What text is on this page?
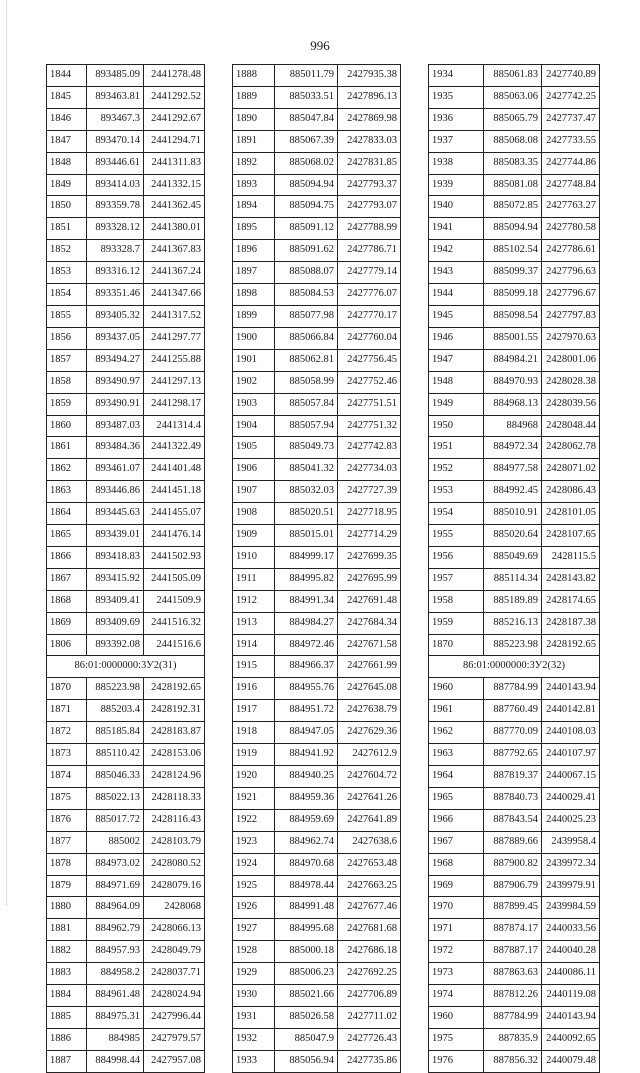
996
1844	893485.09	2441278.48
1845	893463.81	2441292.52
1846	893467.3	2441292.67
1847	893470.14	2441294.71
1848	893446.61	2441311.83
1849	893414.03	2441332.15
1850	893359.78	2441362.45
1851	893328.12	2441380.01
1852	893328.7	2441367.83
1853	893316.12	2441367.24
1854	893351.46	2441347.66
1855	893405.32	2441317.52
1856	893437.05	2441297.77
1857	893494.27	2441255.88
1858	893490.97	2441297.13
1859	893490.91	2441298.17
1860	893487.03	2441314.4
1861	893484.36	2441322.49
1862	893461.07	2441401.48
1863	893446.86	2441451.18
1864	893445.63	2441455.07
1865	893439.01	2441476.14
1866	893418.83	2441502.93
1867	893415.92	2441505.09
1868	893409.41	2441509.9
1869	893409.69	2441516.32
1806	893392.08	2441516.6
86:01:0000000:3У2(31)		
1870	885223.98	2428192.65
1871	885203.4	2428192.31
1872	885185.84	2428183.87
1873	885110.42	2428153.06
1874	885046.33	2428124.96
1875	885022.13	2428118.33
1876	885017.72	2428116.43
1877	885002	2428103.79
1878	884973.02	2428080.52
1879	884971.69	2428079.16
1880	884964.09	2428068
1881	884962.79	2428066.13
1882	884957.93	2428049.79
1883	884958.2	2428037.71
1884	884961.48	2428024.94
1885	884975.31	2427996.44
1886	884985	2427979.57
1887	884998.44	2427957.08
1888	885011.79	2427935.38
1889	885033.51	2427896.13
1890	885047.84	2427869.98
1891	885067.39	2427833.03
1892	885068.02	2427831.85
1893	885094.94	2427793.37
1894	885094.75	2427793.07
1895	885091.12	2427788.99
1896	885091.62	2427786.71
1897	885088.07	2427779.14
1898	885084.53	2427776.07
1899	885077.98	2427770.17
1900	885066.84	2427760.04
1901	885062.81	2427756.45
1902	885058.99	2427752.46
1903	885057.84	2427751.51
1904	885057.94	2427751.32
1905	885049.73	2427742.83
1906	885041.32	2427734.03
1907	885032.03	2427727.39
1908	885020.51	2427718.95
1909	885015.01	2427714.29
1910	884999.17	2427699.35
1911	884995.82	2427695.99
1912	884991.34	2427691.48
1913	884984.27	2427684.34
1914	884972.46	2427671.58
1915	884966.37	2427661.99
1916	884955.76	2427645.08
1917	884951.72	2427638.79
1918	884947.05	2427629.36
1919	884941.92	2427612.9
1920	884940.25	2427604.72
1921	884959.36	2427641.26
1922	884959.69	2427641.89
1923	884962.74	2427638.6
1924	884970.68	2427653.48
1925	884978.44	2427663.25
1926	884991.48	2427677.46
1927	884995.68	2427681.68
1928	885000.18	2427686.18
1929	885006.23	2427692.25
1930	885021.66	2427706.89
1931	885026.58	2427711.02
1932	885047.9	2427726.43
1933	885056.94	2427735.86
1934	885061.83	2427740.89
1935	885063.06	2427742.25
1936	885065.79	2427737.47
1937	885068.08	2427733.55
1938	885083.35	2427744.86
1939	885081.08	2427748.84
1940	885072.85	2427763.27
1941	885094.94	2427780.58
1942	885102.54	2427786.61
1943	885099.37	2427796.63
1944	885099.18	2427796.67
1945	885098.54	2427797.83
1946	885001.55	2427970.63
1947	884984.21	2428001.06
1948	884970.93	2428028.38
1949	884968.13	2428039.56
1950	884968	2428048.44
1951	884972.34	2428062.78
1952	884977.58	2428071.02
1953	884992.45	2428086.43
1954	885010.91	2428101.05
1955	885020.64	2428107.65
1956	885049.69	2428115.5
1957	885114.34	2428143.82
1958	885189.89	2428174.65
1959	885216.13	2428187.38
1870	885223.98	2428192.65
86:01:0000000:3У2(32)		
1960	887784.99	2440143.94
1961	887760.49	2440142.81
1962	887770.09	2440108.03
1963	887792.65	2440107.97
1964	887819.37	2440067.15
1965	887840.73	2440029.41
1966	887843.54	2440025.23
1967	887889.66	2439958.4
1968	887900.82	2439972.34
1969	887906.79	2439979.91
1970	887899.45	2439984.59
1971	887874.17	2440033.56
1972	887887.17	2440040.28
1973	887863.63	2440086.11
1974	887812.26	2440119.08
1960	887784.99	2440143.94
1975	887835.9	2440092.65
1976	887856.32	2440079.48
